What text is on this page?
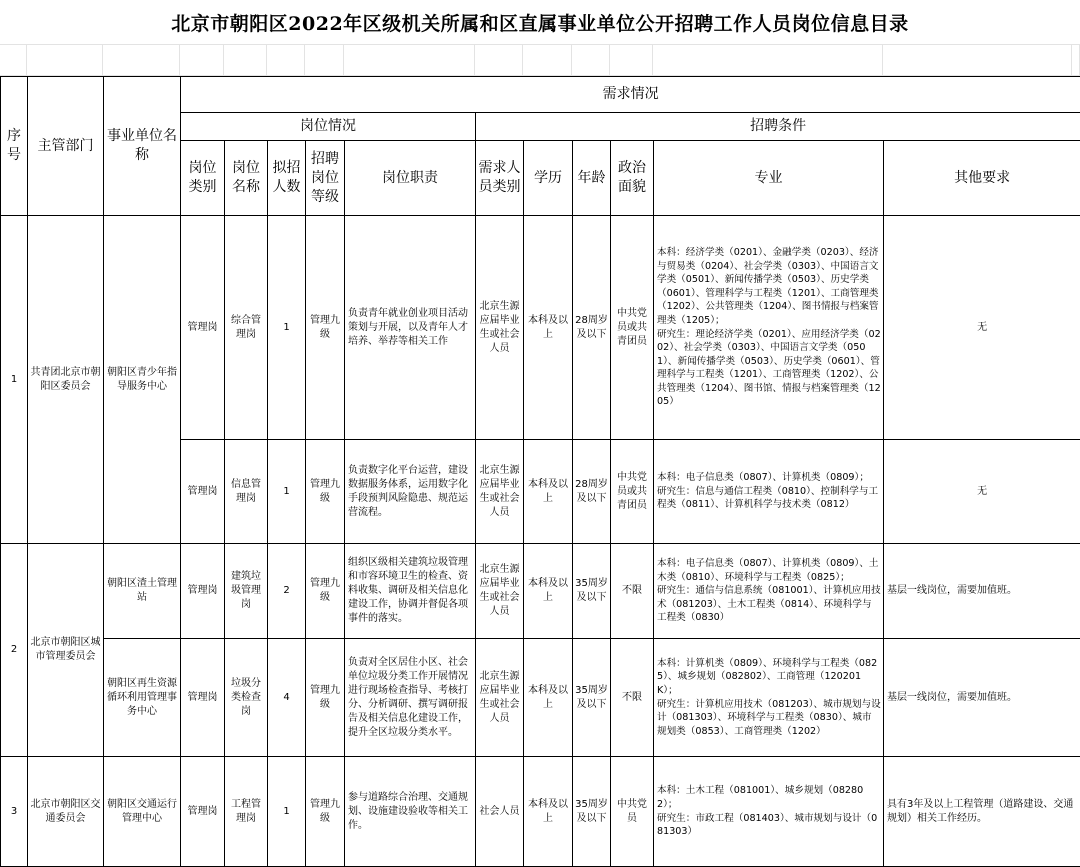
北京市朝阳区2022年区级机关所属和区直属事业单位公开招聘工作人员岗位信息目录
序号	主管部门	事业单位名称	需求情况										
			岗位情况					招聘条件					
			岗位类别	岗位名称	拟招人数	招聘岗位等级	岗位职责	需求人员类别	学历	年龄	政治面貌	专业	其他要求
1	共青团北京市朝阳区委员会	朝阳区青少年指导服务中心	管理岗	综合管理岗	1	管理九级	负责青年就业创业项目活动策划与开展，以及青年人才培养、举荐等相关工作	北京生源应届毕业生或社会人员	本科及以上	28周岁及以下	中共党员或共青团员	本科：经济学类（0201）、金融学类（0203）、经济与贸易类（0204）、社会学类（0303）、中国语言文学类（0501）、新闻传播学类（0503）、历史学类（0601）、管理科学与工程类（1201）、工商管理类（1202）、公共管理类（1204）、图书情报与档案管理类（1205）；
研究生：理论经济学类（0201）、应用经济学类（0202）、社会学类（0303）、中国语言文学类（0501）、新闻传播学类（0503）、历史学类（0601）、管理科学与工程类（1201）、工商管理类（1202）、公共管理类（1204）、图书馆、情报与档案管理类（1205）	无
			管理岗	信息管理岗	1	管理九级	负责数字化平台运营，建设数据服务体系，运用数字化手段预判风险隐患、规范运营流程。	北京生源应届毕业生或社会人员	本科及以上	28周岁及以下	中共党员或共青团员	本科：电子信息类（0807）、计算机类（0809）；
研究生：信息与通信工程类（0810）、控制科学与工程类（0811）、计算机科学与技术类（0812）	无
2	北京市朝阳区城市管理委员会	朝阳区渣土管理站	管理岗	建筑垃圾管理岗	2	管理九级	组织区级相关建筑垃圾管理和市容环境卫生的检查、资料收集、调研及相关信息化建设工作，协调并督促各项事件的落实。	北京生源应届毕业生或社会人员	本科及以上	35周岁及以下	不限	本科：电子信息类（0807）、计算机类（0809）、土木类（0810）、环境科学与工程类（0825）；
研究生：通信与信息系统（081001）、计算机应用技术（081203）、土木工程类（0814）、环境科学与工程类（0830）	基层一线岗位，需要加值班。
		朝阳区再生资源循环利用管理事务中心	管理岗	垃圾分类检查岗	4	管理九级	负责对全区居住小区、社会单位垃圾分类工作开展情况进行现场检查指导、考核打分、分析调研、撰写调研报告及相关信息化建设工作，提升全区垃圾分类水平。	北京生源应届毕业生或社会人员	本科及以上	35周岁及以下	不限	本科：计算机类（0809）、环境科学与工程类（0825）、城乡规划（082802）、工商管理（120201K）；
研究生：计算机应用技术（081203）、城市规划与设计（081303）、环境科学与工程类（0830）、城市规划类（0853）、工商管理类（1202）	基层一线岗位，需要加值班。
3	北京市朝阳区交通委员会	朝阳区交通运行管理中心	管理岗	工程管理岗	1	管理九级	参与道路综合治理、交通规划、设施建设验收等相关工作。	社会人员	本科及以上	35周岁及以下	中共党员	本科：土木工程（081001）、城乡规划（082802）；
研究生：市政工程（081403）、城市规划与设计（081303）	具有3年及以上工程管理（道路建设、交通规划）相关工作经历。
